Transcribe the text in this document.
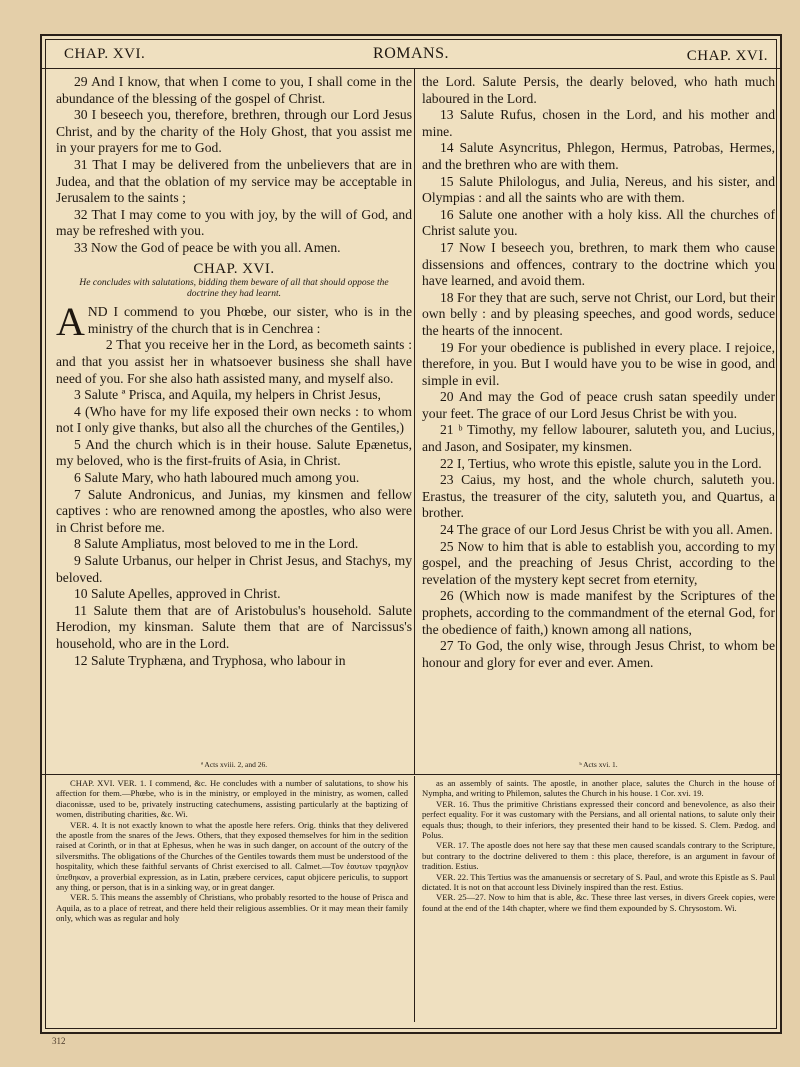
CHAP. XVI.	ROMANS.	CHAP. XVI.

29 And I know, that when I come to you, I shall come in the abundance of the blessing of the gospel of Christ.

30 I beseech you, therefore, brethren, through our Lord Jesus Christ, and by the charity of the Holy Ghost, that you assist me in your prayers for me to God.

31 That I may be delivered from the unbelievers that are in Judea, and that the oblation of my service may be acceptable in Jerusalem to the saints ;

32 That I may come to you with joy, by the will of God, and may be refreshed with you.

33 Now the God of peace be with you all. Amen.

CHAP. XVI.
He concludes with salutations, bidding them beware of all that should oppose the doctrine they had learnt.

A ND I commend to you Phœbe, our sister, who is in the ministry of the church that is in Cenchrea :

2 That you receive her in the Lord, as becometh saints : and that you assist her in whatsoever business she shall have need of you. For she also hath assisted many, and myself also.

3 Salute ª Prisca, and Aquila, my helpers in Christ Jesus,

4 (Who have for my life exposed their own necks : to whom not I only give thanks, but also all the churches of the Gentiles,)

5 And the church which is in their house. Salute Epænetus, my beloved, who is the first-fruits of Asia, in Christ.

6 Salute Mary, who hath laboured much among you.

7 Salute Andronicus, and Junias, my kinsmen and fellow captives : who are renowned among the apostles, who also were in Christ before me.

8 Salute Ampliatus, most beloved to me in the Lord.

9 Salute Urbanus, our helper in Christ Jesus, and Stachys, my beloved.

10 Salute Apelles, approved in Christ.

11 Salute them that are of Aristobulus's household. Salute Herodion, my kinsman. Salute them that are of Narcissus's household, who are in the Lord.

12 Salute Tryphæna, and Tryphosa, who labour in

ª Acts xviii. 2, and 26.

the Lord. Salute Persis, the dearly beloved, who hath much laboured in the Lord.

13 Salute Rufus, chosen in the Lord, and his mother and mine.

14 Salute Asyncritus, Phlegon, Hermus, Patrobas, Hermes, and the brethren who are with them.

15 Salute Philologus, and Julia, Nereus, and his sister, and Olympias : and all the saints who are with them.

16 Salute one another with a holy kiss. All the churches of Christ salute you.

17 Now I beseech you, brethren, to mark them who cause dissensions and offences, contrary to the doctrine which you have learned, and avoid them.

18 For they that are such, serve not Christ, our Lord, but their own belly : and by pleasing speeches, and good words, seduce the hearts of the innocent.

19 For your obedience is published in every place. I rejoice, therefore, in you. But I would have you to be wise in good, and simple in evil.

20 And may the God of peace crush satan speedily under your feet. The grace of our Lord Jesus Christ be with you.

21 ᵇ Timothy, my fellow labourer, saluteth you, and Lucius, and Jason, and Sosipater, my kinsmen.

22 I, Tertius, who wrote this epistle, salute you in the Lord.

23 Caius, my host, and the whole church, saluteth you. Erastus, the treasurer of the city, saluteth you, and Quartus, a brother.

24 The grace of our Lord Jesus Christ be with you all. Amen.

25 Now to him that is able to establish you, according to my gospel, and the preaching of Jesus Christ, according to the revelation of the mystery kept secret from eternity,

26 (Which now is made manifest by the Scriptures of the prophets, according to the commandment of the eternal God, for the obedience of faith,) known among all nations,

27 To God, the only wise, through Jesus Christ, to whom be honour and glory for ever and ever. Amen.

ᵇ Acts xvi. 1.

CHAP. XVI. VER. 1. I commend, &c. He concludes with a number of salutations, to show his affection for them.—Phœbe, who is in the ministry, or employed in the ministry, as women, called diaconissæ, used to be, privately instructing catechumens, assisting particularly at the baptizing of women, distributing charities, &c. Wi.

VER. 4. It is not exactly known to what the apostle here refers. Orig. thinks that they delivered the apostle from the snares of the Jews. Others, that they exposed themselves for him in the sedition raised at Corinth, or in that at Ephesus, when he was in such danger, on account of the outcry of the silversmiths. The obligations of the Churches of the Gentiles towards them must be understood of the hospitality, which these faithful servants of Christ exercised to all. Calmet.—Τον ἑαυτων τραχηλον ὑπεθηκαν, a proverbial expression, as in Latin, præbere cervices, caput objicere periculis, to support any thing, or person, that is in a sinking way, or in great danger.

VER. 5. This means the assembly of Christians, who probably resorted to the house of Prisca and Aquila, as to a place of retreat, and there held their religious assemblies. Or it may mean their family only, which was as regular and holy

as an assembly of saints. The apostle, in another place, salutes the Church in the house of Nympha, and writing to Philemon, salutes the Church in his house. 1 Cor. xvi. 19.

VER. 16. Thus the primitive Christians expressed their concord and benevolence, as also their perfect equality. For it was customary with the Persians, and all oriental nations, to salute only their equals thus; though, to their inferiors, they presented their hand to be kissed. S. Clem. Pædog. and Polus.

VER. 17. The apostle does not here say that these men caused scandals contrary to the Scripture, but contrary to the doctrine delivered to them : this place, therefore, is an argument in favour of tradition. Estius.

VER. 22. This Tertius was the amanuensis or secretary of S. Paul, and wrote this Epistle as S. Paul dictated. It is not on that account less Divinely inspired than the rest. Estius.

VER. 25—27. Now to him that is able, &c. These three last verses, in divers Greek copies, were found at the end of the 14th chapter, where we find them expounded by S. Chrysostom. Wi.

312
